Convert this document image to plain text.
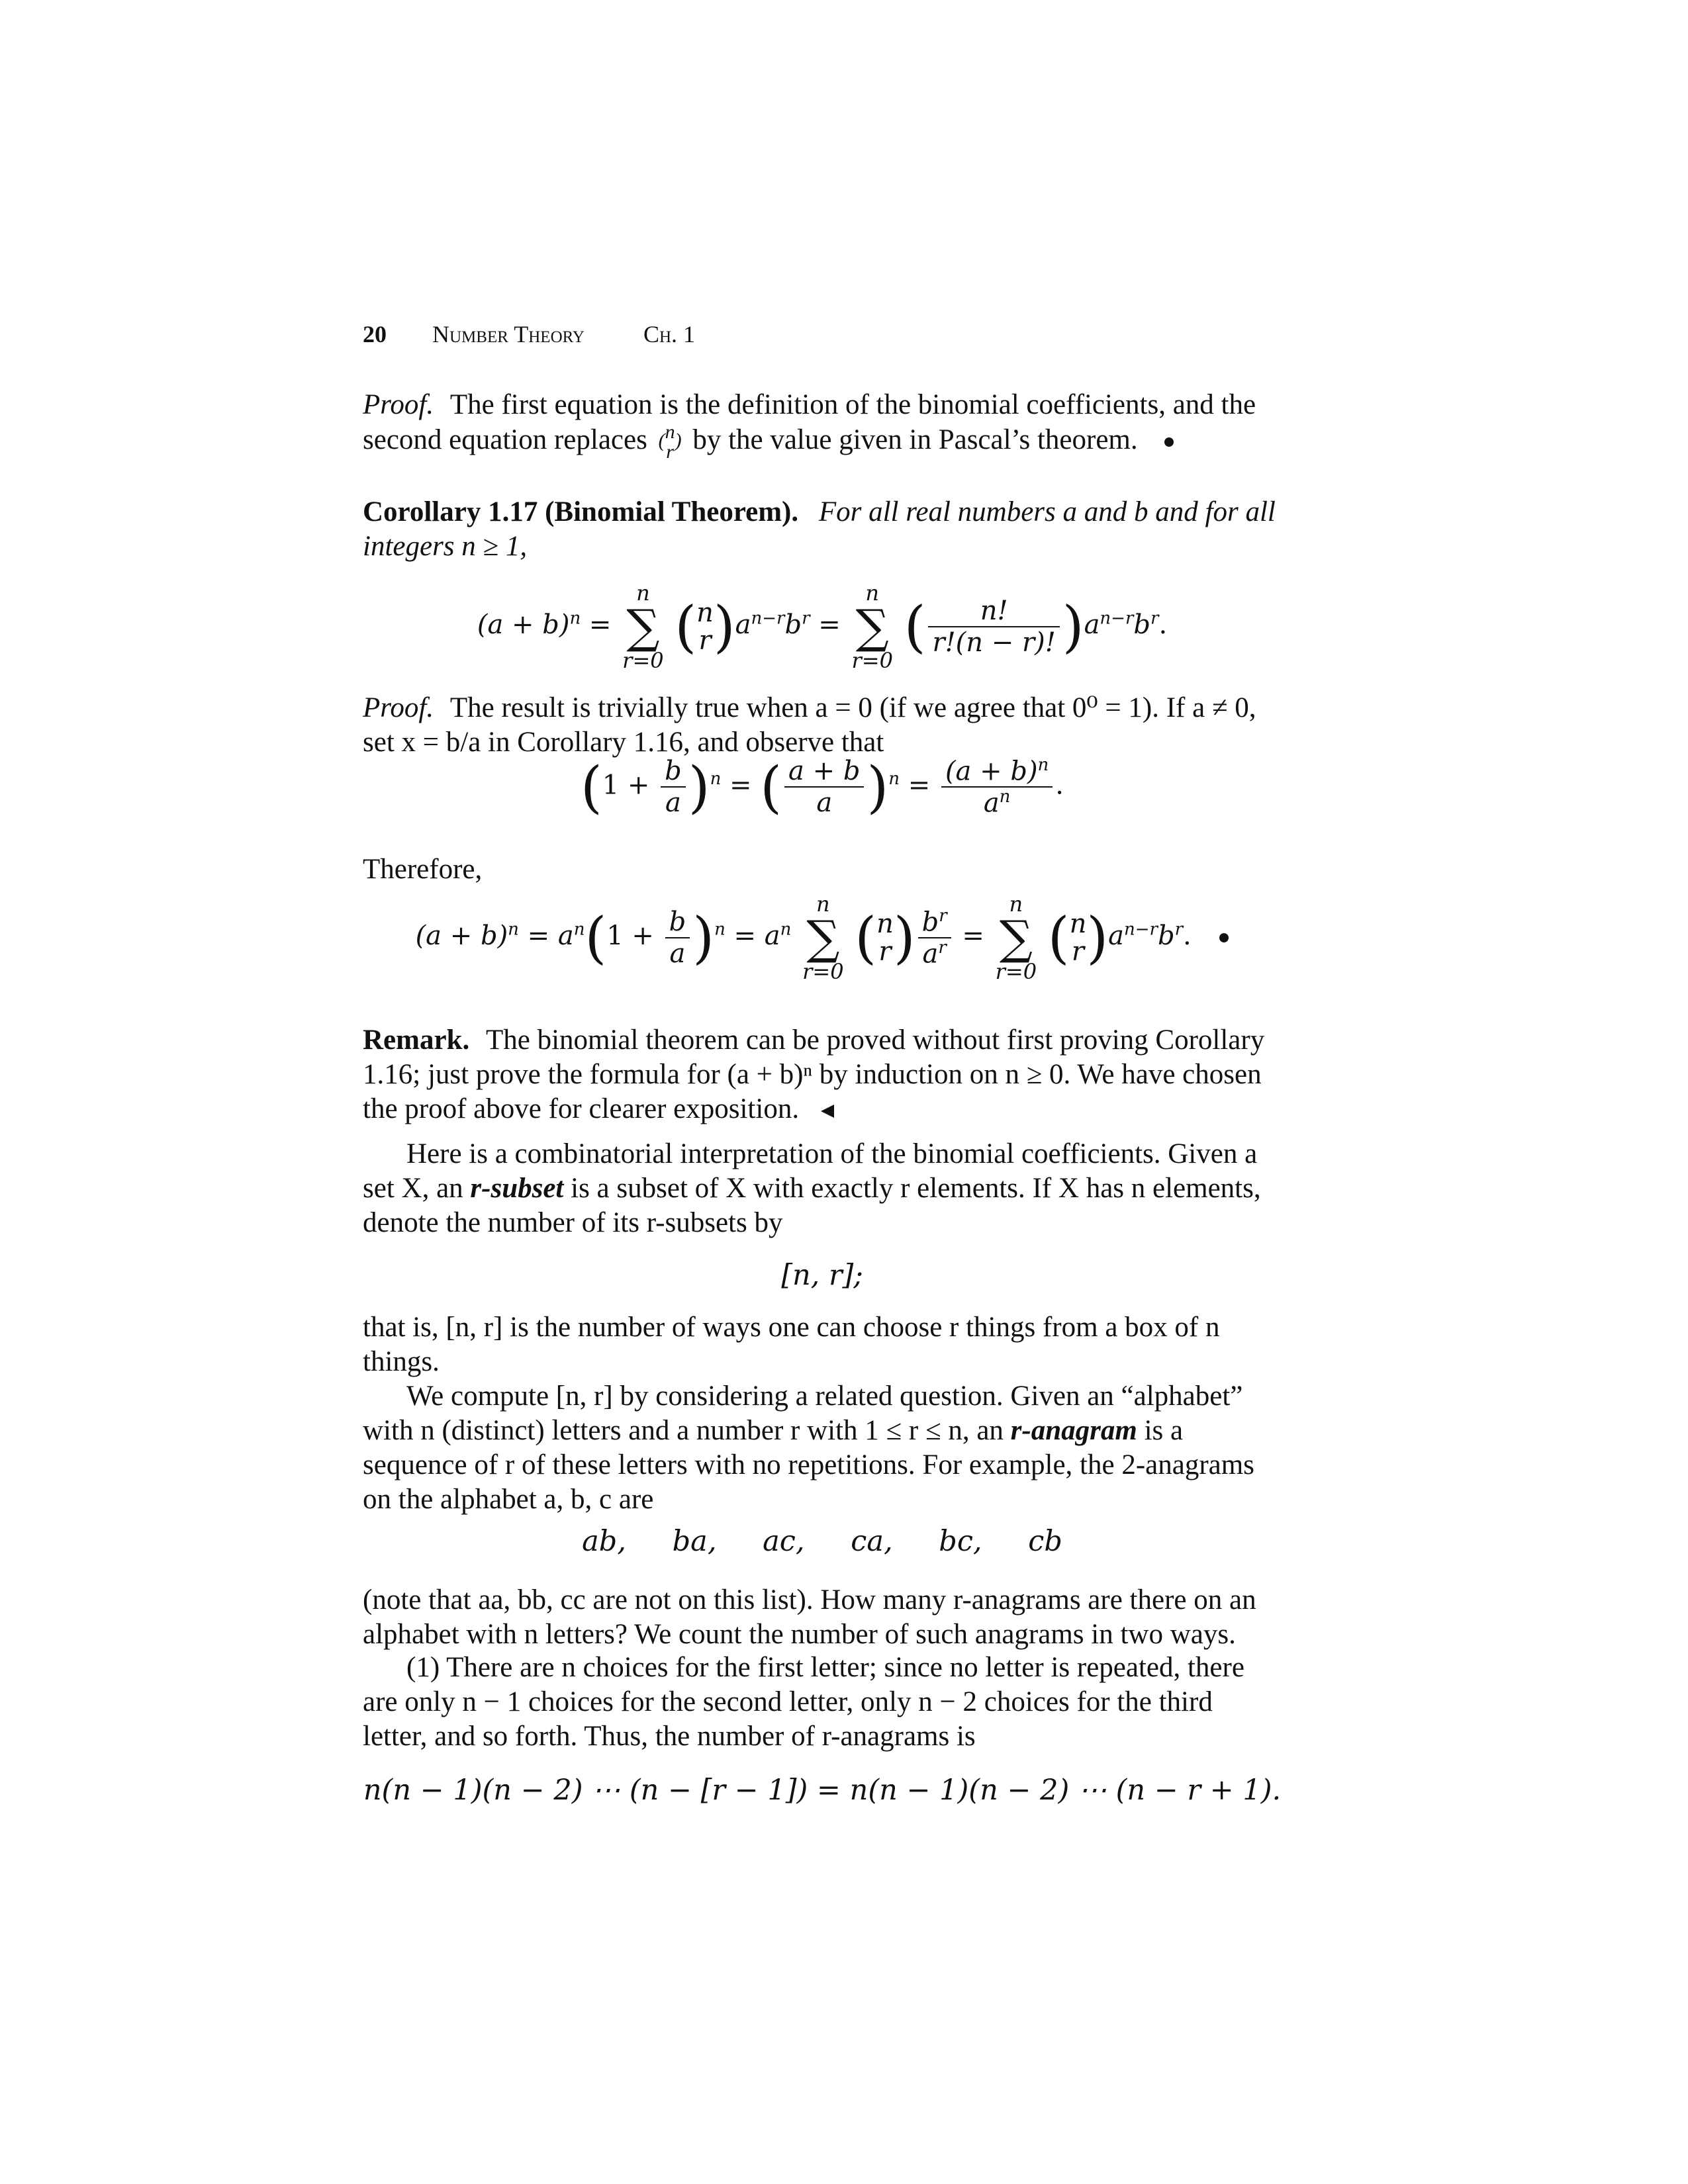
20 Number Theory Ch. 1
Proof. The first equation is the definition of the binomial coefficients, and the second equation replaces ( n
r
) by the value given in Pascal’s theorem.
Corollary 1.17 (Binomial Theorem). For all real numbers a and b and for all integers n ≥ 1,
$(a + b)^n$ =
n
∑
r=0
( n
r )$a^{n-r}b^r$ =
n
∑
r=0
( $\frac{n!}{r!(n - r)!} )a^{n-r}b^r$.
Proof. The result is trivially true when a = 0 (if we agree that 0⁰ = 1). If a ≠ 0, set x = b/a in Corollary 1.16, and observe that
$(1 + \frac{b}{a} )^n$ = ( $\frac{a + b}{a} )^n = \frac{(a + b)^n}{a^n}$ .
Therefore,
$(a + b)^n = a^n(1 + \frac{b}{a} )^n = a^n$
n
∑
r=0
( n
r ) $\frac{b^r}{a^r}$ =
n
∑
r=0
( n
r )$a^{n-r}b^r$.
Remark. The binomial theorem can be proved without first proving Corollary 1.16; just prove the formula for (a + b)ⁿ by induction on n ≥ 0. We have chosen the proof above for clearer exposition.
Here is a combinatorial interpretation of the binomial coefficients. Given a set X, an r-subset is a subset of X with exactly r elements. If X has n elements, denote the number of its r-subsets by
[n, r];
that is, [n, r] is the number of ways one can choose r things from a box of n things.
We compute [n, r] by considering a related question. Given an “alphabet” with n (distinct) letters and a number r with 1 ≤ r ≤ n, an r-anagram is a sequence of r of these letters with no repetitions. For example, the 2-anagrams on the alphabet a, b, c are
ab, ba, ac, ca, bc, cb
(note that aa, bb, cc are not on this list). How many r-anagrams are there on an alphabet with n letters? We count the number of such anagrams in two ways.
(1) There are n choices for the first letter; since no letter is repeated, there are only n − 1 choices for the second letter, only n − 2 choices for the third letter, and so forth. Thus, the number of r-anagrams is
n(n − 1)(n − 2) ⋯ (n − [r − 1]) = n(n − 1)(n − 2) ⋯ (n − r + 1).
